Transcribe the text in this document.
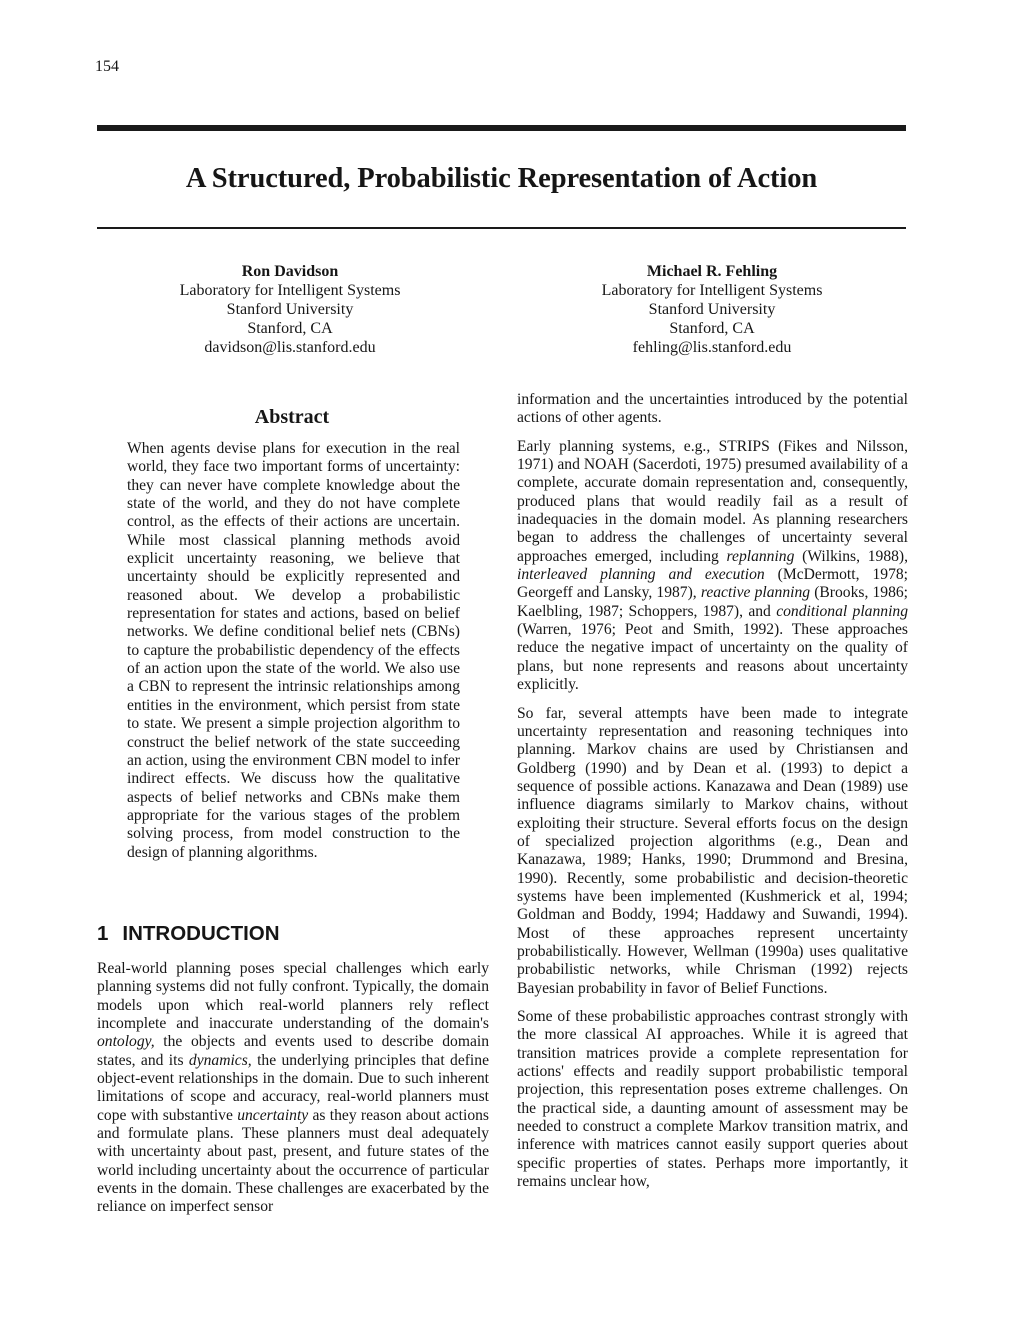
154
A Structured, Probabilistic Representation of Action
Ron Davidson
Laboratory for Intelligent Systems
Stanford University
Stanford, CA
davidson@lis.stanford.edu
Michael R. Fehling
Laboratory for Intelligent Systems
Stanford University
Stanford, CA
fehling@lis.stanford.edu
Abstract

When agents devise plans for execution in the real world, they face two important forms of uncertainty: they can never have complete knowledge about the state of the world, and they do not have complete control, as the effects of their actions are uncertain. While most classical planning methods avoid explicit uncertainty reasoning, we believe that uncertainty should be explicitly represented and reasoned about. We develop a probabilistic representation for states and actions, based on belief networks. We define conditional belief nets (CBNs) to capture the probabilistic dependency of the effects of an action upon the state of the world. We also use a CBN to represent the intrinsic relationships among entities in the environment, which persist from state to state. We present a simple projection algorithm to construct the belief network of the state succeeding an action, using the environment CBN model to infer indirect effects. We discuss how the qualitative aspects of belief networks and CBNs make them appropriate for the various stages of the problem solving process, from model construction to the design of planning algorithms.

1 INTRODUCTION

Real-world planning poses special challenges which early planning systems did not fully confront. Typically, the domain models upon which real-world planners rely reflect incomplete and inaccurate understanding of the domain's ontology, the objects and events used to describe domain states, and its dynamics, the underlying principles that define object-event relationships in the domain. Due to such inherent limitations of scope and accuracy, real-world planners must cope with substantive uncertainty as they reason about actions and formulate plans. These planners must deal adequately with uncertainty about past, present, and future states of the world including uncertainty about the occurrence of particular events in the domain. These challenges are exacerbated by the reliance on imperfect sensor

information and the uncertainties introduced by the potential actions of other agents.

Early planning systems, e.g., STRIPS (Fikes and Nilsson, 1971) and NOAH (Sacerdoti, 1975) presumed availability of a complete, accurate domain representation and, consequently, produced plans that would readily fail as a result of inadequacies in the domain model. As planning researchers began to address the challenges of uncertainty several approaches emerged, including replanning (Wilkins, 1988), interleaved planning and execution (McDermott, 1978; Georgeff and Lansky, 1987), reactive planning (Brooks, 1986; Kaelbling, 1987; Schoppers, 1987), and conditional planning (Warren, 1976; Peot and Smith, 1992). These approaches reduce the negative impact of uncertainty on the quality of plans, but none represents and reasons about uncertainty explicitly.

So far, several attempts have been made to integrate uncertainty representation and reasoning techniques into planning. Markov chains are used by Christiansen and Goldberg (1990) and by Dean et al. (1993) to depict a sequence of possible actions. Kanazawa and Dean (1989) use influence diagrams similarly to Markov chains, without exploiting their structure. Several efforts focus on the design of specialized projection algorithms (e.g., Dean and Kanazawa, 1989; Hanks, 1990; Drummond and Bresina, 1990). Recently, some probabilistic and decision-theoretic systems have been implemented (Kushmerick et al, 1994; Goldman and Boddy, 1994; Haddawy and Suwandi, 1994). Most of these approaches represent uncertainty probabilistically. However, Wellman (1990a) uses qualitative probabilistic networks, while Chrisman (1992) rejects Bayesian probability in favor of Belief Functions.

Some of these probabilistic approaches contrast strongly with the more classical AI approaches. While it is agreed that transition matrices provide a complete representation for actions' effects and readily support probabilistic temporal projection, this representation poses extreme challenges. On the practical side, a daunting amount of assessment may be needed to construct a complete Markov transition matrix, and inference with matrices cannot easily support queries about specific properties of states. Perhaps more importantly, it remains unclear how,
